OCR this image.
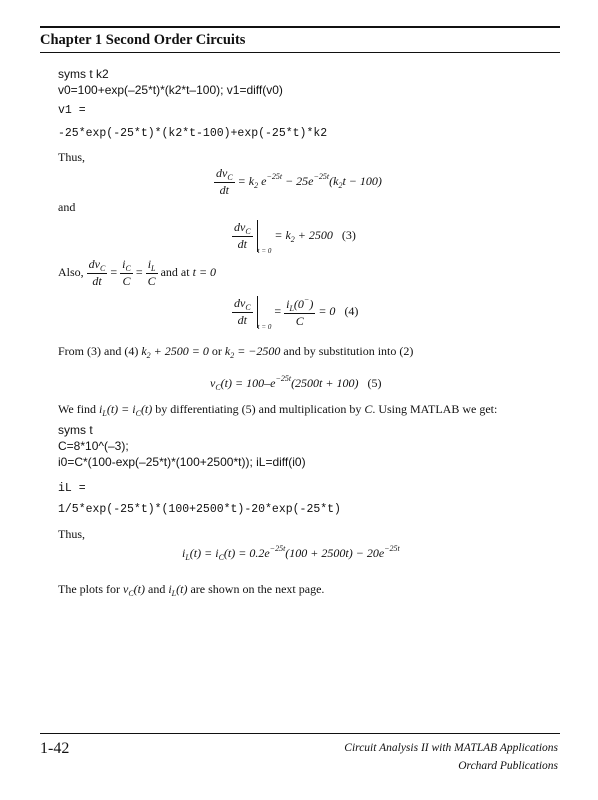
Chapter 1 Second Order Circuits
syms t k2
v0=100+exp(–25*t)*(k2*t–100); v1=diff(v0)
v1 =
-25*exp(-25*t)*(k2*t-100)+exp(-25*t)*k2
Thus,
$\frac{dv_C}{dt} = k_2$ $e^{-25t} - 25e^{-25t}(k_2t - 100)$
and
$\frac{dv_C}{dt} _{t = 0} = k_2 + 2500$ (3)
Also, $\frac{dv_C}{dt} = \frac{i_C}{C} = \frac{i_L}{C}$ and at t = 0
$\frac{dv_C}{dt} _{t = 0} = \frac{i_L(0^-)}{C} = 0$ (4)
From (3) and (4) $k_2 + 2500 = 0$ or $k_2 = -2500$ and by substitution into (2)
$v_C(t) = 100-e^{-25t}(2500t + 100)$ (5)
We find $i_L(t) = i_C(t)$ by differentiating (5) and multiplication by C. Using MATLAB we get:
syms t
C=8*10^(–3);
i0=C*(100-exp(–25*t)*(100+2500*t)); iL=diff(i0)
iL =
1/5*exp(-25*t)*(100+2500*t)-20*exp(-25*t)
Thus,
$i_L(t) = i_C(t) = 0.2e^{-25t}(100 + 2500t) - 20e^{-25t}$
The plots for $v_C(t)$ and $i_L(t)$ are shown on the next page.
1-42	Circuit Analysis II with MATLAB Applications
Orchard Publications
